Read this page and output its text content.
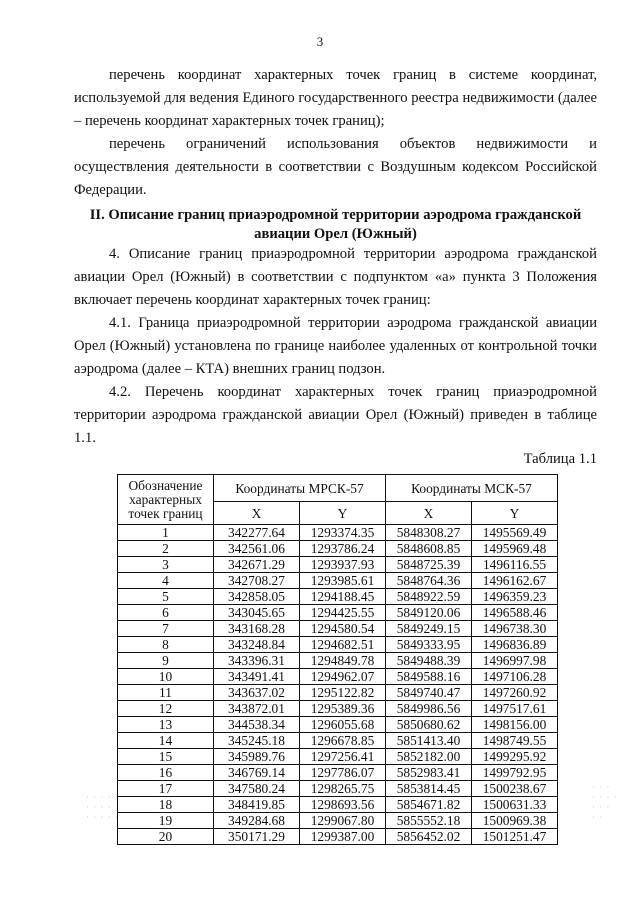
3

перечень координат характерных точек границ в системе координат, используемой для ведения Единого государственного реестра недвижимости (далее – перечень координат характерных точек границ);

перечень ограничений использования объектов недвижимости и осуществления деятельности в соответствии с Воздушным кодексом Российской Федерации.

II. Описание границ приаэродромной территории аэродрома гражданской авиации Орел (Южный)

4. Описание границ приаэродромной территории аэродрома гражданской авиации Орел (Южный) в соответствии с подпунктом «а» пункта 3 Положения включает перечень координат характерных точек границ:

4.1. Граница приаэродромной территории аэродрома гражданской авиации Орел (Южный) установлена по границе наиболее удаленных от контрольной точки аэродрома (далее – КТА) внешних границ подзон.

4.2. Перечень координат характерных точек границ приаэродромной территории аэродрома гражданской авиации Орел (Южный) приведен в таблице 1.1.

Таблица 1.1
Обозначение характерных точек границ	Координаты МРСК-57		Координаты МСК-57	
	X	Y	X	Y
1	342277.64	1293374.35	5848308.27	1495569.49
2	342561.06	1293786.24	5848608.85	1495969.48
3	342671.29	1293937.93	5848725.39	1496116.55
4	342708.27	1293985.61	5848764.36	1496162.67
5	342858.05	1294188.45	5848922.59	1496359.23
6	343045.65	1294425.55	5849120.06	1496588.46
7	343168.28	1294580.54	5849249.15	1496738.30
8	343248.84	1294682.51	5849333.95	1496836.89
9	343396.31	1294849.78	5849488.39	1496997.98
10	343491.41	1294962.07	5849588.16	1497106.28
11	343637.02	1295122.82	5849740.47	1497260.92
12	343872.01	1295389.36	5849986.56	1497517.61
13	344538.34	1296055.68	5850680.62	1498156.00
14	345245.18	1296678.85	5851413.40	1498749.55
15	345989.76	1297256.41	5852182.00	1499295.92
16	346769.14	1297786.07	5852983.41	1499792.95
17	347580.24	1298265.75	5853814.45	1500238.67
18	348419.85	1298693.56	5854671.82	1500631.33
19	349284.68	1299067.80	5855552.18	1500969.38
20	350171.29	1299387.00	5856452.02	1501251.47
· · · · ·
· · · ·
· · · · ·
· · ·
· · · ·
· · ·
· ·
